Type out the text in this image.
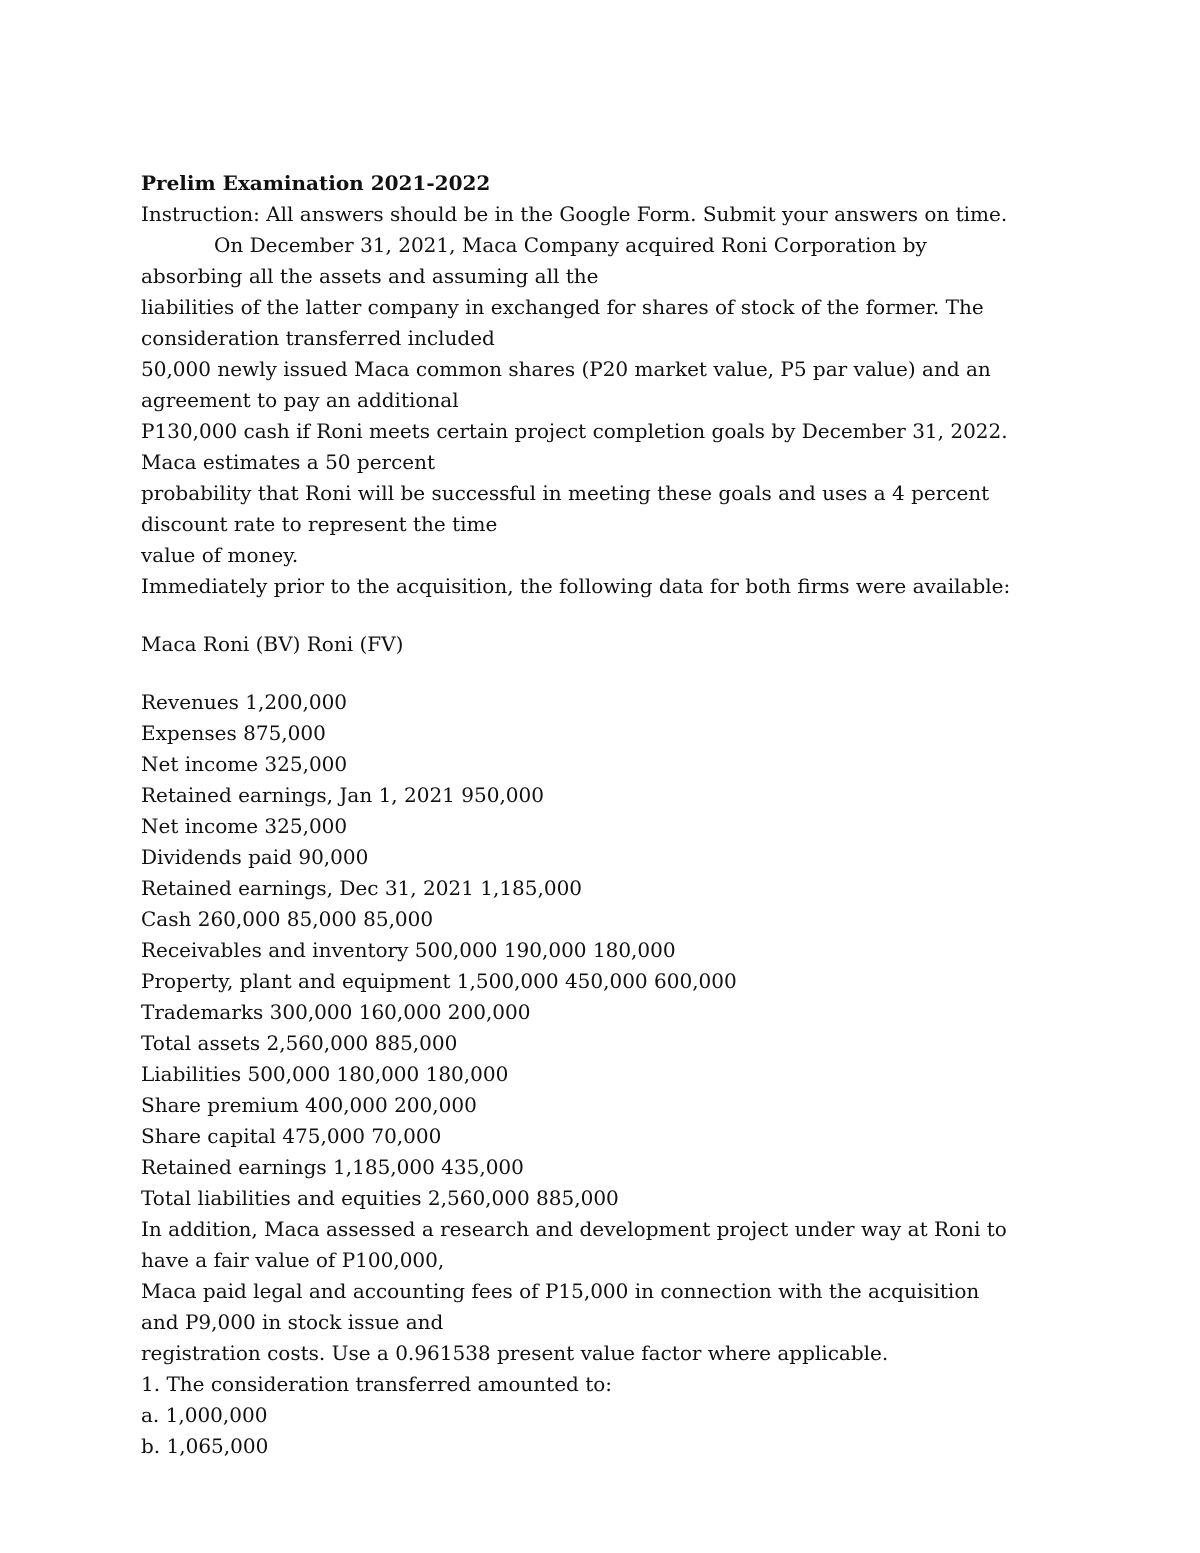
Prelim Examination 2021-2022
Instruction: All answers should be in the Google Form. Submit your answers on time.
On December 31, 2021, Maca Company acquired Roni Corporation by
absorbing all the assets and assuming all the
liabilities of the latter company in exchanged for shares of stock of the former. The
consideration transferred included
50,000 newly issued Maca common shares (P20 market value, P5 par value) and an
agreement to pay an additional
P130,000 cash if Roni meets certain project completion goals by December 31, 2022.
Maca estimates a 50 percent
probability that Roni will be successful in meeting these goals and uses a 4 percent
discount rate to represent the time
value of money.
Immediately prior to the acquisition, the following data for both firms were available:
Maca Roni (BV) Roni (FV)
Revenues 1,200,000
Expenses 875,000
Net income 325,000
Retained earnings, Jan 1, 2021 950,000
Net income 325,000
Dividends paid 90,000
Retained earnings, Dec 31, 2021 1,185,000
Cash 260,000 85,000 85,000
Receivables and inventory 500,000 190,000 180,000
Property, plant and equipment 1,500,000 450,000 600,000
Trademarks 300,000 160,000 200,000
Total assets 2,560,000 885,000
Liabilities 500,000 180,000 180,000
Share premium 400,000 200,000
Share capital 475,000 70,000
Retained earnings 1,185,000 435,000
Total liabilities and equities 2,560,000 885,000
In addition, Maca assessed a research and development project under way at Roni to
have a fair value of P100,000,
Maca paid legal and accounting fees of P15,000 in connection with the acquisition
and P9,000 in stock issue and
registration costs. Use a 0.961538 present value factor where applicable.
1. The consideration transferred amounted to:
a. 1,000,000
b. 1,065,000
